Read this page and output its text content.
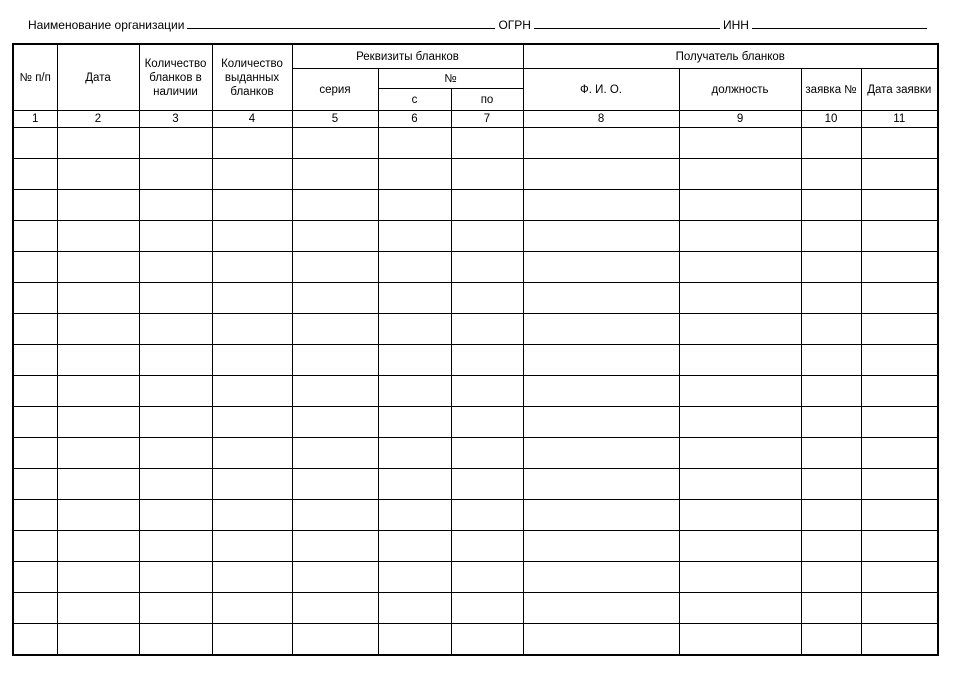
Наименование организации	ОГРН	ИНН
№ п/п	Дата	Количество бланков в наличии	Количество выданных бланков	Реквизиты бланков			Получатель бланков			
				серия	№		Ф. И. О.	должность	заявка №	Дата заявки
					с	по				
1	2	3	4	5	6	7	8	9	10	11
